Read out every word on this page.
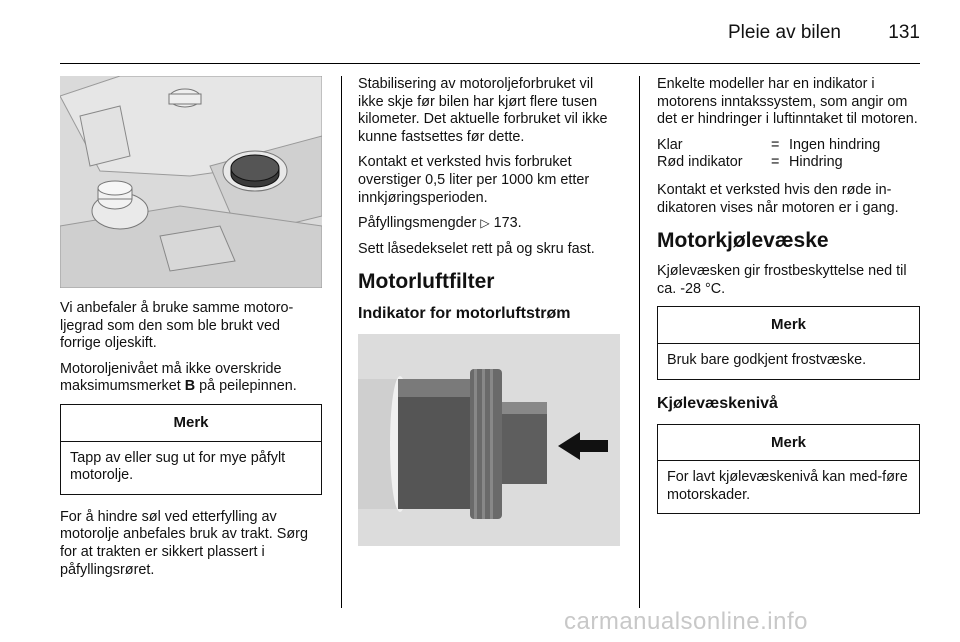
Pleie av bilen 131

Vi anbefaler å bruke samme motoro-ljegrad som den som ble brukt ved forrige oljeskift.

Motoroljenivået må ikke overskride maksimumsmerket B på peilepinnen.

Merk
Tapp av eller sug ut for mye påfylt motorolje.

For å hindre søl ved etterfylling av motorolje anbefales bruk av trakt. Sørg for at trakten er sikkert plassert i påfyllingsrøret.

Stabilisering av motoroljeforbruket vil ikke skje før bilen har kjørt flere tusen kilometer. Det aktuelle forbruket vil ikke kunne fastsettes før dette.

Kontakt et verksted hvis forbruket overstiger 0,5 liter per 1000 km etter innkjøringsperioden.

Påfyllingsmengder ▷ 173.

Sett låsedekselet rett på og skru fast.

Motorluftfilter
Indikator for motorluftstrøm

Enkelte modeller har en indikator i motorens inntakssystem, som angir om det er hindringer i luftinntaket til motoren.

Klar	=	Ingen hindring
Rød indikator	=	Hindring

Kontakt et verksted hvis den røde in-dikatoren vises når motoren er i gang.

Motorkjølevæske

Kjølevæsken gir frostbeskyttelse ned til ca. -28 °C.

Merk
Bruk bare godkjent frostvæske.
Kjølevæskenivå
Merk
For lavt kjølevæskenivå kan med-føre motorskader.
carmanualsonline.info
